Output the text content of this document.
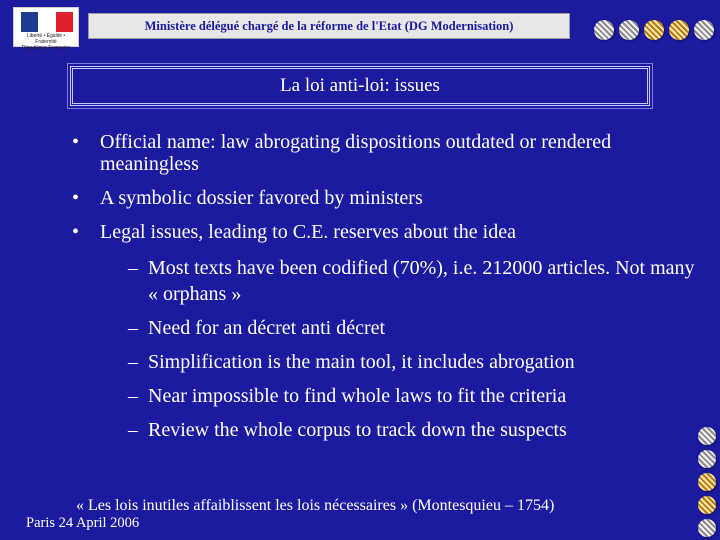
Liberté • Égalité • Fraternité
République Française
Ministère délégué chargé de la réforme de l'Etat (DG Modernisation)
La loi anti-loi: issues
•	Official name: law abrogating dispositions outdated or rendered meaningless
•	A symbolic dossier favored by ministers
•	Legal issues, leading to C.E. reserves about the idea
– Most texts have been codified (70%), i.e. 212000 articles. Not many « orphans »
– Need for an décret anti décret
– Simplification is the main tool, it includes abrogation
– Near impossible to find whole laws to fit the criteria
– Review the whole corpus to track down the suspects
« Les lois inutiles affaiblissent les lois nécessaires » (Montesquieu – 1754)
Paris 24 April 2006
